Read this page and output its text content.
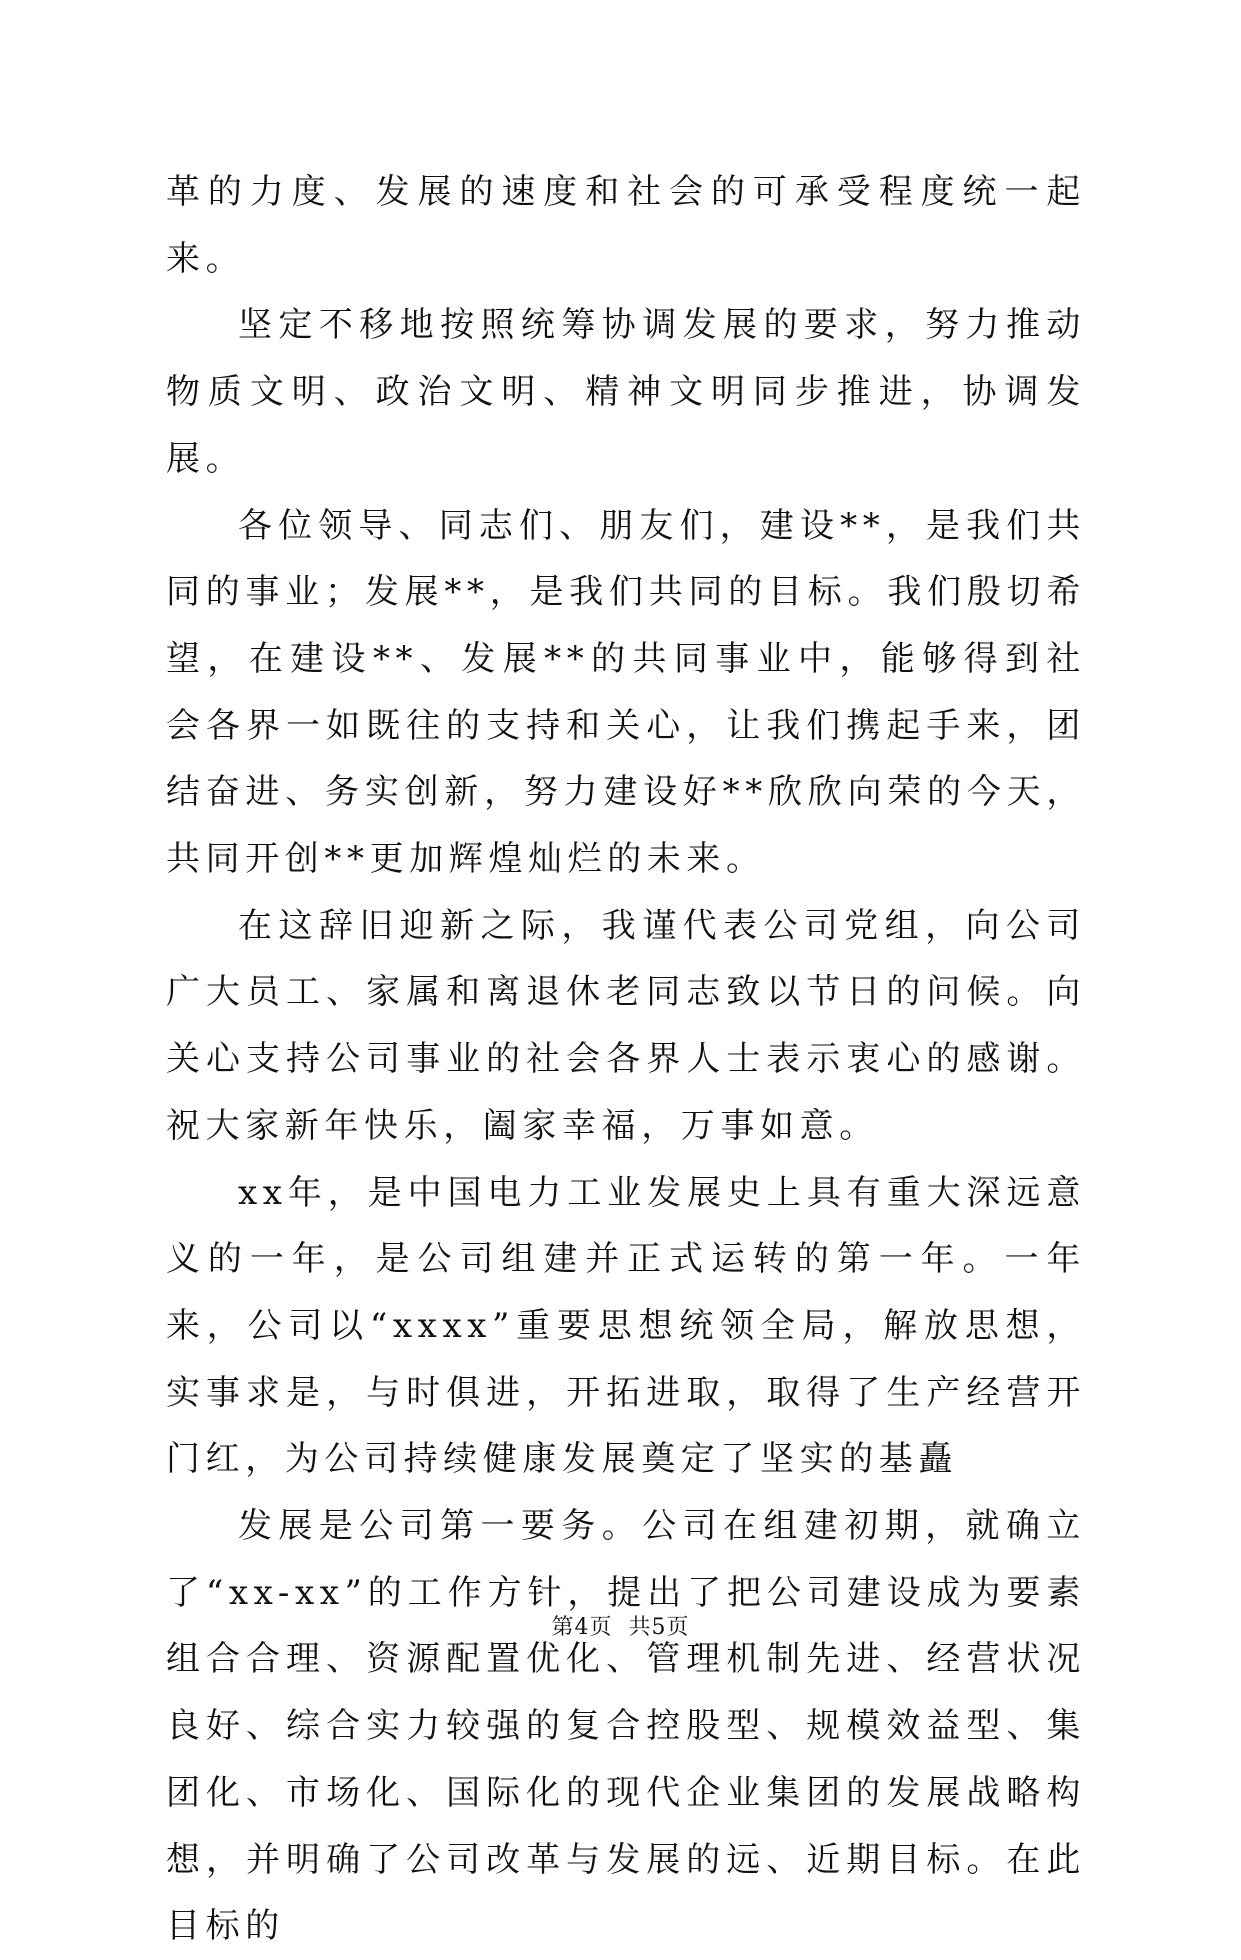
革的力度、发展的速度和社会的可承受程度统一起来。

坚定不移地按照统筹协调发展的要求，努力推动物质文明、政治文明、精神文明同步推进，协调发展。

各位领导、同志们、朋友们，建设**，是我们共同的事业；发展**，是我们共同的目标。我们殷切希望，在建设**、发展**的共同事业中，能够得到社会各界一如既往的支持和关心，让我们携起手来，团结奋进、务实创新，努力建设好**欣欣向荣的今天，共同开创**更加辉煌灿烂的未来。

在这辞旧迎新之际，我谨代表公司党组，向公司广大员工、家属和离退休老同志致以节日的问候。向关心支持公司事业的社会各界人士表示衷心的感谢。祝大家新年快乐，阖家幸福，万事如意。

xx年，是中国电力工业发展史上具有重大深远意义的一年，是公司组建并正式运转的第一年。一年来，公司以“xxxx”重要思想统领全局，解放思想，实事求是，与时俱进，开拓进取，取得了生产经营开门红，为公司持续健康发展奠定了坚实的基矗

发展是公司第一要务。公司在组建初期，就确立了“xx-xx”的工作方针，提出了把公司建设成为要素组合合理、资源配置优化、管理机制先进、经营状况良好、综合实力较强的复合控股型、规模效益型、集团化、市场化、国际化的现代企业集团的发展战略构想，并明确了公司改革与发展的远、近期目标。在此目标的

第4页 共5页
